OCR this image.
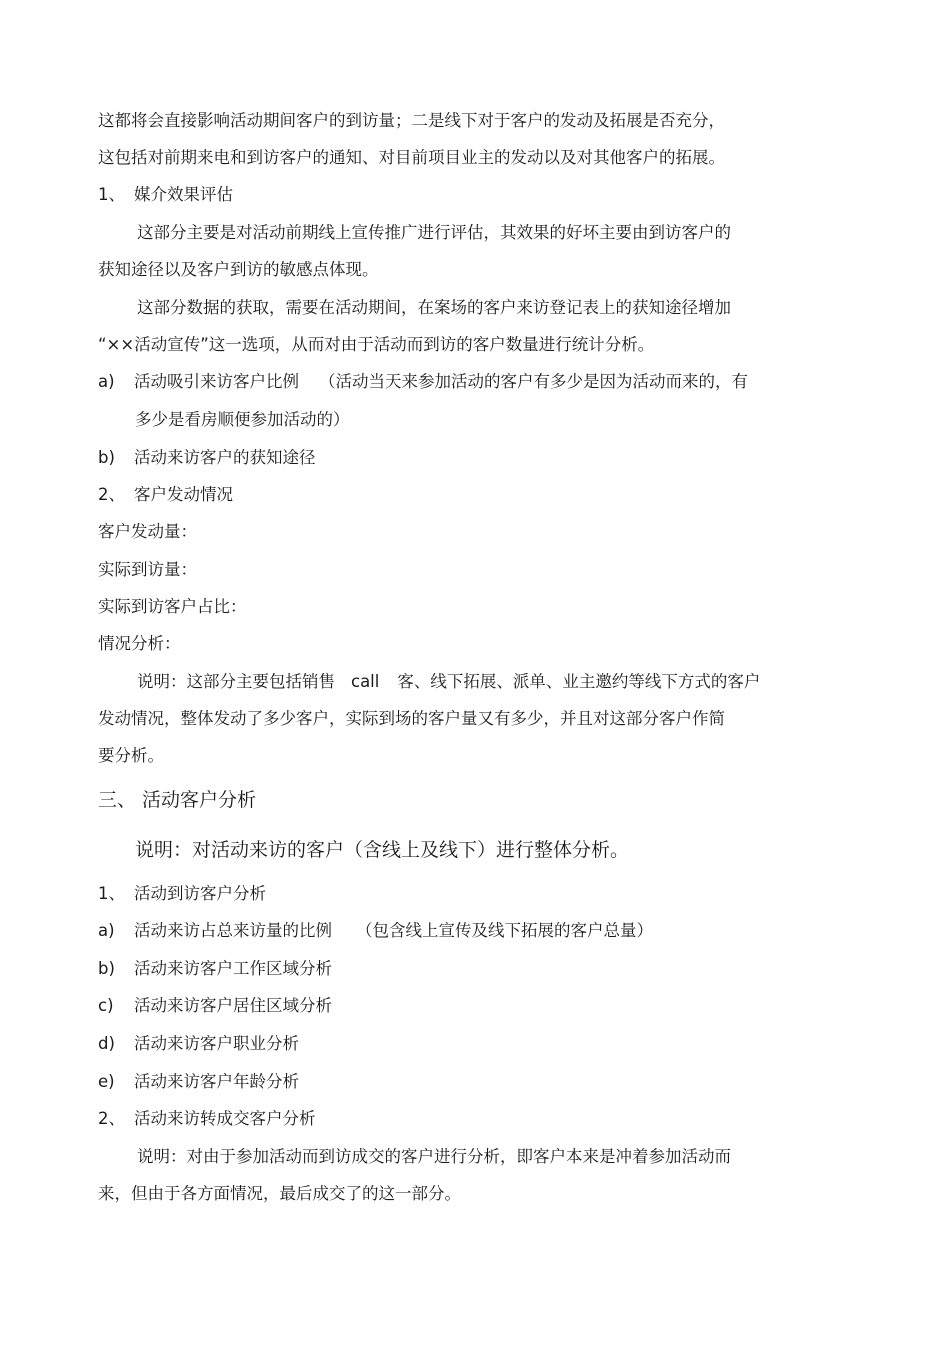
这都将会直接影响活动期间客户的到访量；二是线下对于客户的发动及拓展是否充分，

这包括对前期来电和到访客户的通知、对目前项目业主的发动以及对其他客户的拓展。

1、 媒介效果评估

这部分主要是对活动前期线上宣传推广进行评估，其效果的好坏主要由到访客户的

获知途径以及客户到访的敏感点体现。

这部分数据的获取，需要在活动期间，在案场的客户来访登记表上的获知途径增加

“××活动宣传”这一选项，从而对由于活动而到访的客户数量进行统计分析。

a) 活动吸引来访客户比例 （活动当天来参加活动的客户有多少是因为活动而来的，有

多少是看房顺便参加活动的）

b) 活动来访客户的获知途径

2、 客户发动情况

客户发动量：

实际到访量：

实际到访客户占比：

情况分析：

说明：这部分主要包括销售 call 客、线下拓展、派单、业主邀约等线下方式的客户

发动情况，整体发动了多少客户，实际到场的客户量又有多少，并且对这部分客户作简

要分析。

三、 活动客户分析

说明：对活动来访的客户（含线上及线下）进行整体分析。

1、 活动到访客户分析

a) 活动来访占总来访量的比例 （包含线上宣传及线下拓展的客户总量）

b) 活动来访客户工作区域分析

c) 活动来访客户居住区域分析

d) 活动来访客户职业分析

e) 活动来访客户年龄分析

2、 活动来访转成交客户分析

说明：对由于参加活动而到访成交的客户进行分析，即客户本来是冲着参加活动而

来，但由于各方面情况，最后成交了的这一部分。
